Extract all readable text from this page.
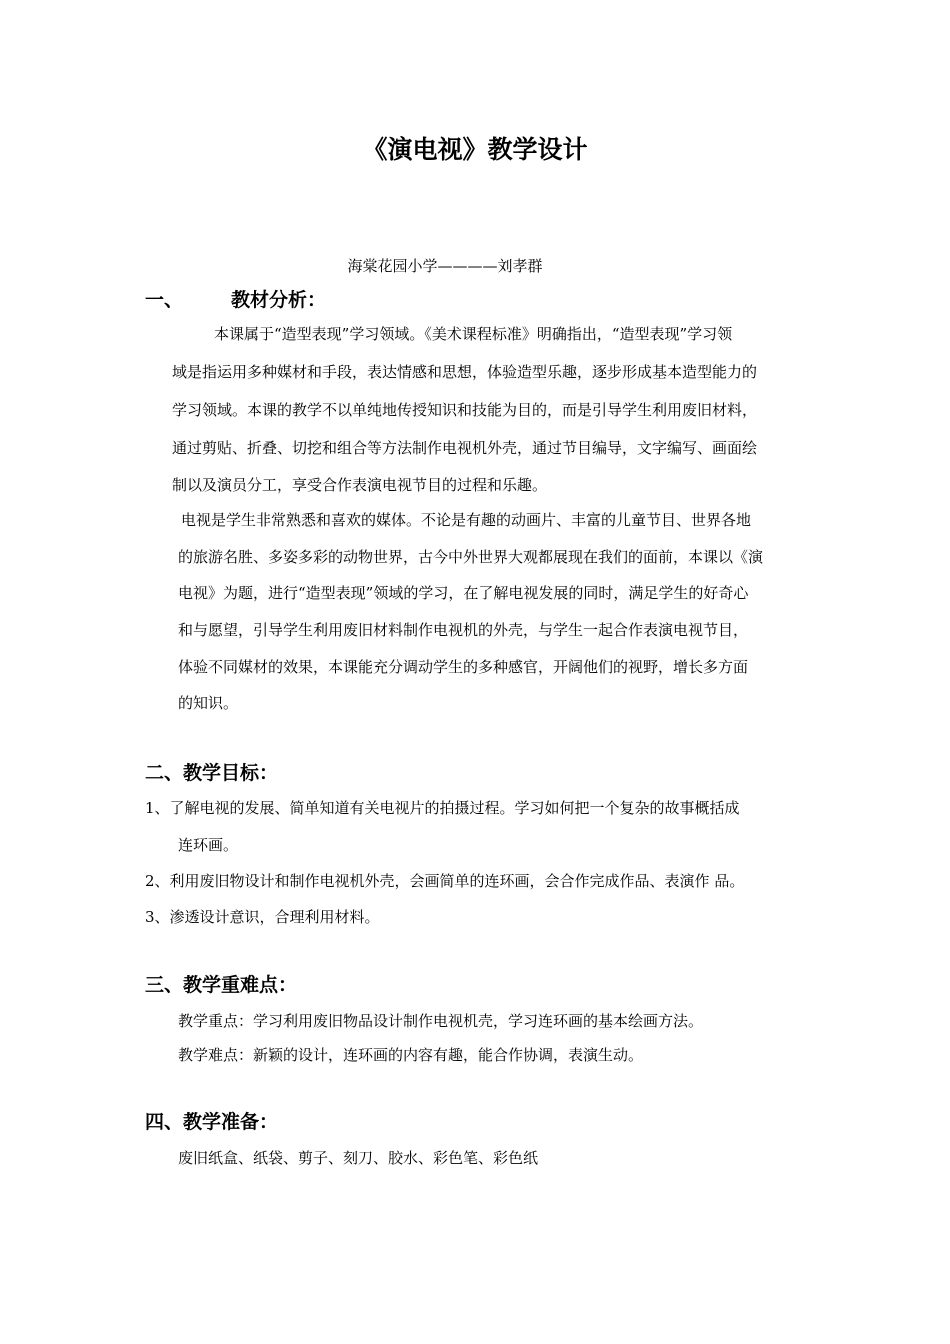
《演电视》教学设计
海棠花园小学————刘孝群
一、	教材分析：
本课属于“造型表现”学习领域。《美术课程标准》明确指出，“造型表现”学习领
域是指运用多种媒材和手段，表达情感和思想，体验造型乐趣，逐步形成基本造型能力的
学习领域。本课的教学不以单纯地传授知识和技能为目的，而是引导学生利用废旧材料，
通过剪贴、折叠、切挖和组合等方法制作电视机外壳，通过节目编导，文字编写、画面绘
制以及演员分工，享受合作表演电视节目的过程和乐趣。
电视是学生非常熟悉和喜欢的媒体。不论是有趣的动画片、丰富的儿童节目、世界各地
的旅游名胜、多姿多彩的动物世界，古今中外世界大观都展现在我们的面前，本课以《演
电视》为题，进行“造型表现”领域的学习，在了解电视发展的同时，满足学生的好奇心
和与愿望，引导学生利用废旧材料制作电视机的外壳，与学生一起合作表演电视节目，
体验不同媒材的效果，本课能充分调动学生的多种感官，开阔他们的视野，增长多方面
的知识。
二、教学目标：
1、了解电视的发展、简单知道有关电视片的拍摄过程。学习如何把一个复杂的故事概括成
连环画。
2、利用废旧物设计和制作电视机外壳，会画简单的连环画，会合作完成作品、表演作 品。
3、渗透设计意识，合理利用材料。
三、教学重难点：
教学重点：学习利用废旧物品设计制作电视机壳，学习连环画的基本绘画方法。
教学难点：新颖的设计，连环画的内容有趣，能合作协调，表演生动。
四、教学准备：
废旧纸盒、纸袋、剪子、刻刀、胶水、彩色笔、彩色纸
